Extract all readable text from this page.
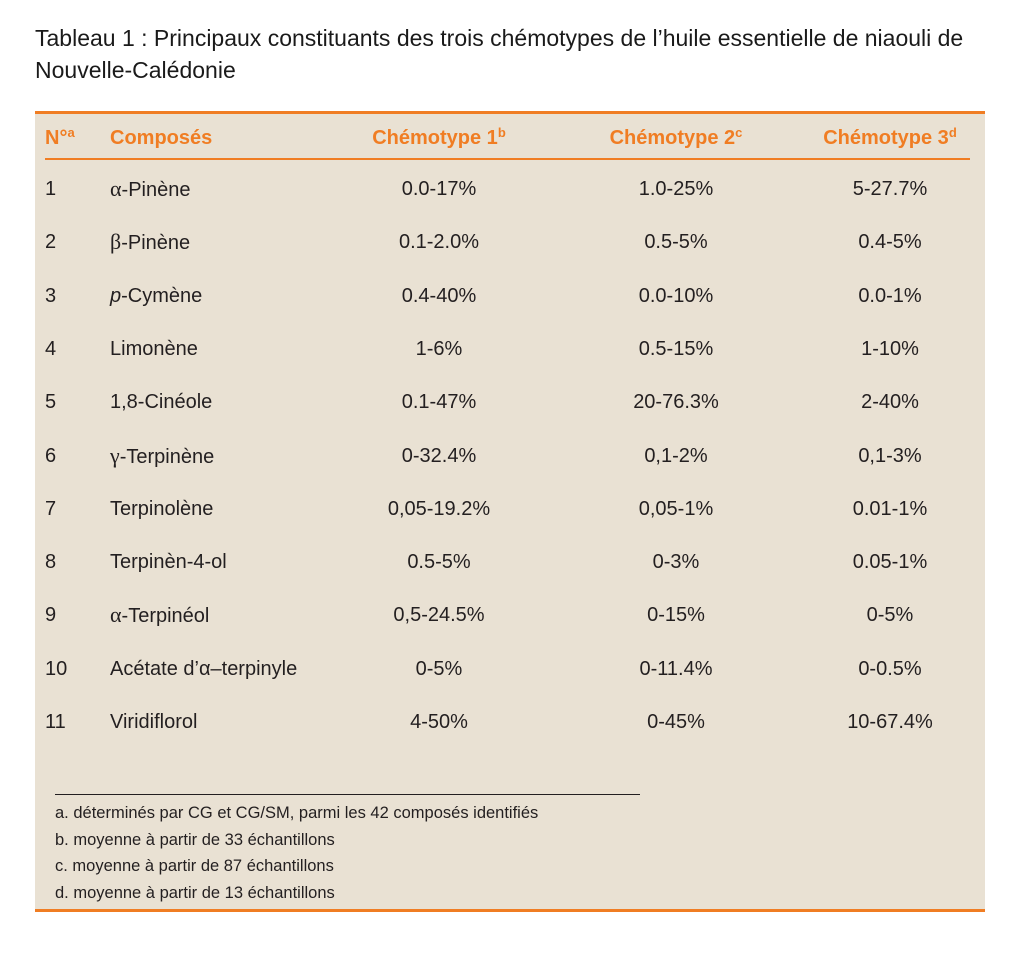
Tableau 1 : Principaux constituants des trois chémotypes de l’huile essentielle de niaouli de Nouvelle-Calédonie
N°$^a$ Composés	Chémotype 1$^b$	Chémotype 2$^c$	Chémotype 3$^d$
1 α-Pinène	0.0-17%	1.0-25%	5-27.7%
2 β-Pinène	0.1-2.0%	0.5-5%	0.4-5%
3	p-Cymène	0.4-40%	0.0-10%	0.0-1%
4	Limonène	1-6%	0.5-15%	1-10%
5	1,8-Cinéole	0.1-47%	20-76.3%	2-40%
6 γ-Terpinène	0-32.4%	0,1-2%	0,1-3%
7	Terpinolène	0,05-19.2%	0,05-1%	0.01-1%
8	Terpinèn-4-ol	0.5-5%	0-3%	0.05-1%
9 α-Terpinéol	0,5-24.5%	0-15%	0-5%
10 Acétate d’α–terpinyle	0-5%	0-11.4%	0-0.5%
11 Viridiflorol	4-50%	0-45%	10-67.4%
a. déterminés par CG et CG/SM, parmi les 42 composés identifiés
b. moyenne à partir de 33 échantillons
c. moyenne à partir de 87 échantillons
d. moyenne à partir de 13 échantillons
